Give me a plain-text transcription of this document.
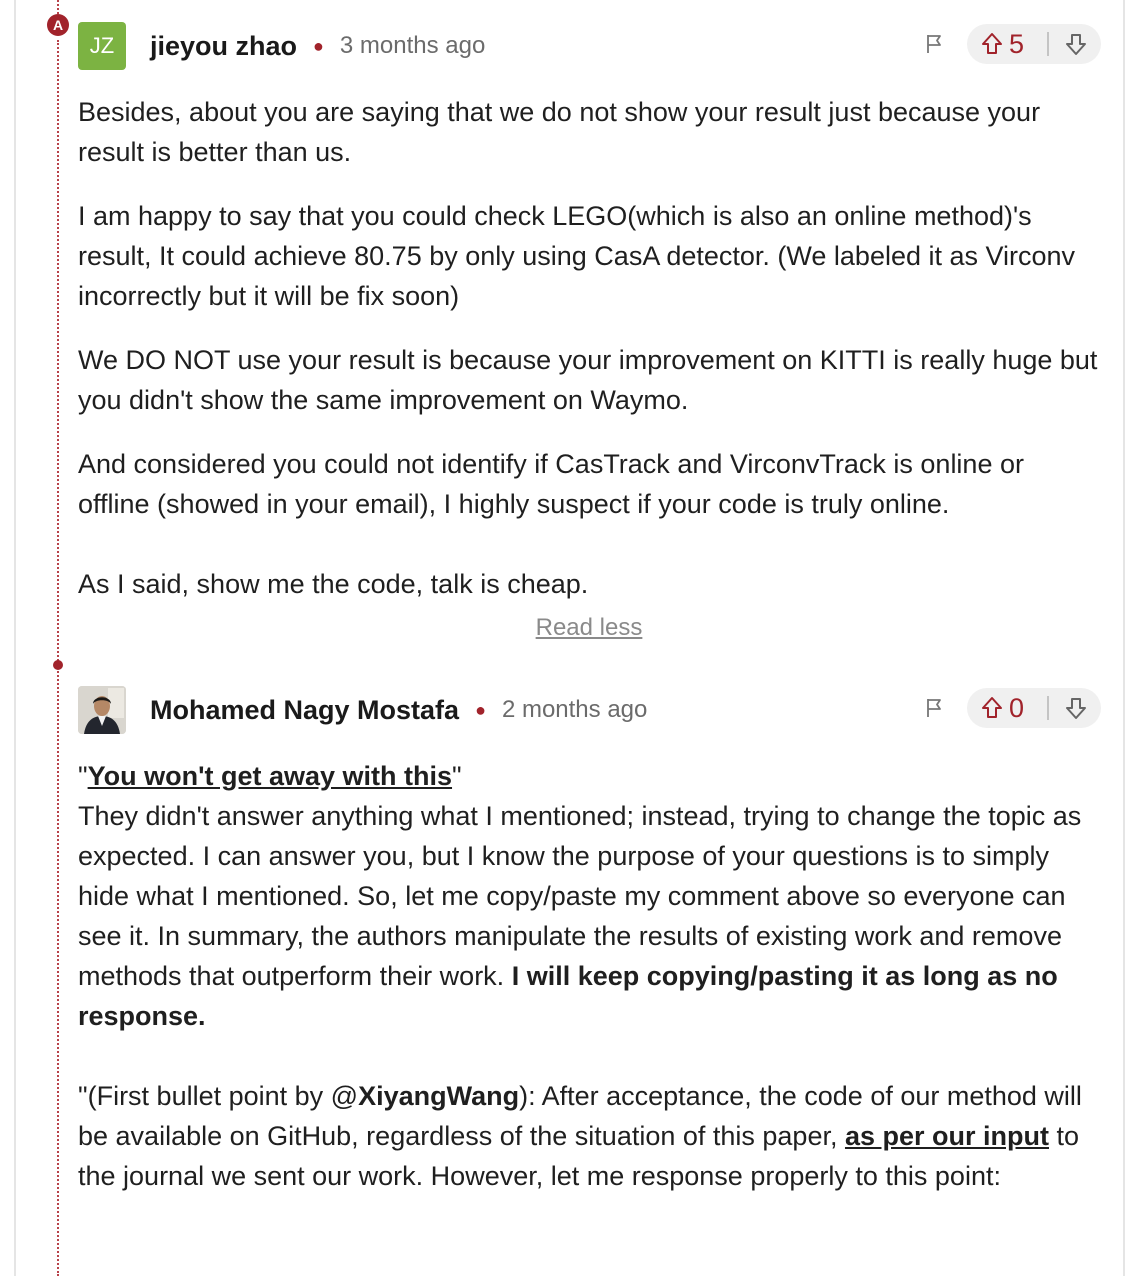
A
JZ jieyou zhao ● 3 months ago	5

Besides, about you are saying that we do not show your result just because your result is better than us.

I am happy to say that you could check LEGO(which is also an online method)'s result, It could achieve 80.75 by only using CasA detector. (We labeled it as Virconv incorrectly but it will be fix soon)

We DO NOT use your result is because your improvement on KITTI is really huge but you didn't show the same improvement on Waymo.

And considered you could not identify if CasTrack and VirconvTrack is online or offline (showed in your email), I highly suspect if your code is truly online.

As I said, show me the code, talk is cheap.

Read less
Mohamed Nagy Mostafa ● 2 months ago	0

"You won't get away with this"
They didn't answer anything what I mentioned; instead, trying to change the topic as expected. I can answer you, but I know the purpose of your questions is to simply hide what I mentioned. So, let me copy/paste my comment above so everyone can see it. In summary, the authors manipulate the results of existing work and remove methods that outperform their work. I will keep copying/pasting it as long as no response.

"(First bullet point by @XiyangWang): After acceptance, the code of our method will be available on GitHub, regardless of the situation of this paper, as per our input to the journal we sent our work. However, let me response properly to this point:
